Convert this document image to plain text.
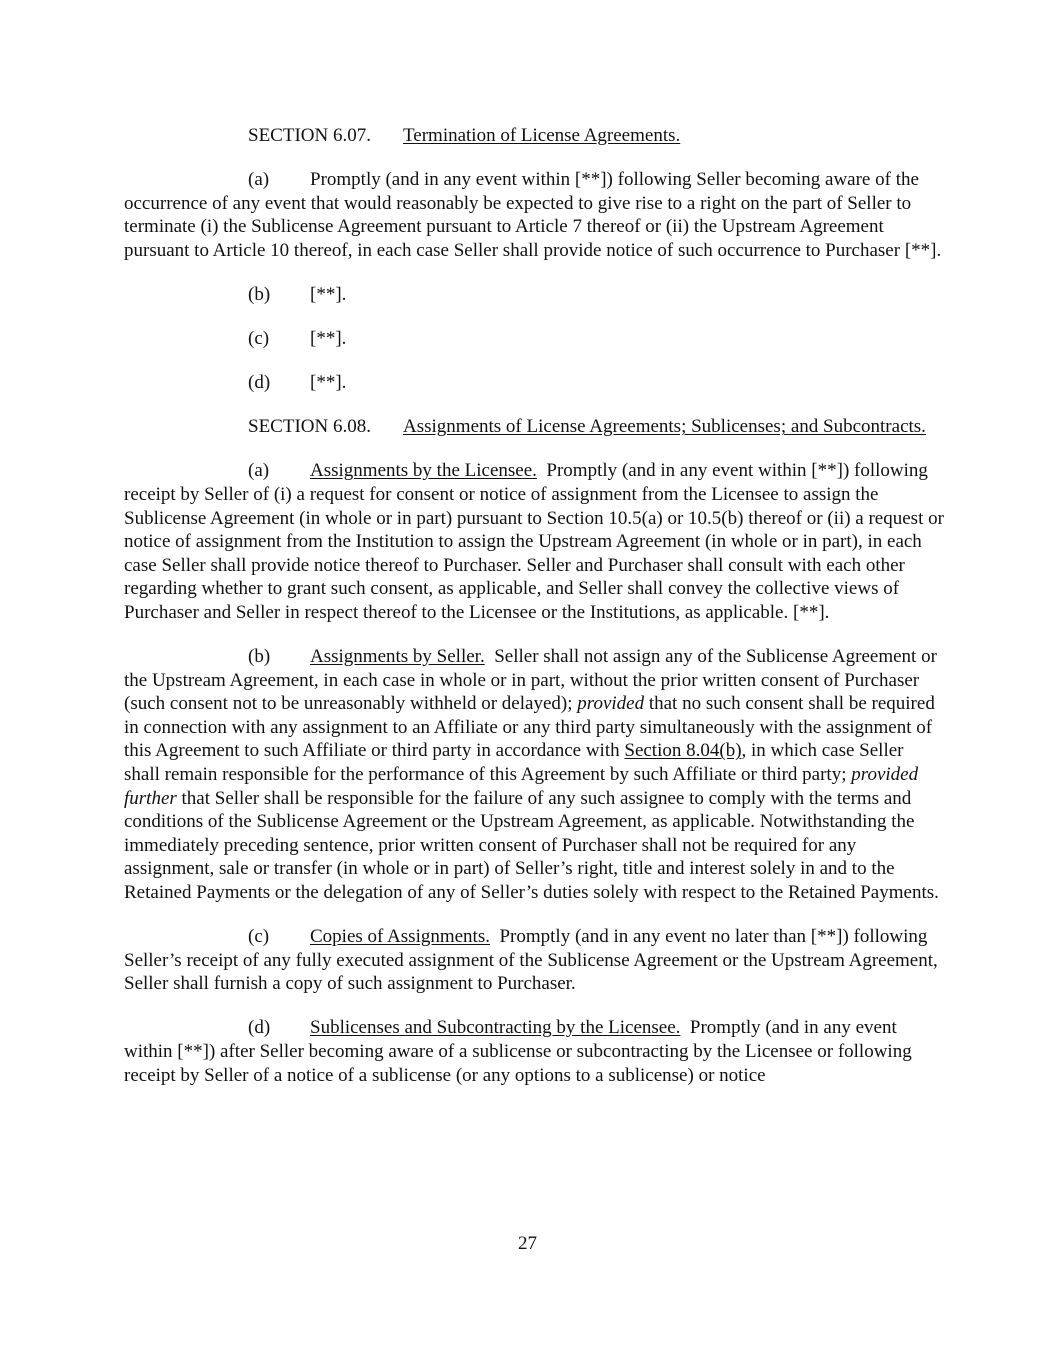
SECTION 6.07. Termination of License Agreements.

(a) Promptly (and in any event within [**]) following Seller becoming aware of the occurrence of any event that would reasonably be expected to give rise to a right on the part of Seller to terminate (i) the Sublicense Agreement pursuant to Article 7 thereof or (ii) the Upstream Agreement pursuant to Article 10 thereof, in each case Seller shall provide notice of such occurrence to Purchaser [**].

(b) [**].

(c) [**].

(d) [**].

SECTION 6.08. Assignments of License Agreements; Sublicenses; and Subcontracts.

(a) Assignments by the Licensee. Promptly (and in any event within [**]) following receipt by Seller of (i) a request for consent or notice of assignment from the Licensee to assign the Sublicense Agreement (in whole or in part) pursuant to Section 10.5(a) or 10.5(b) thereof or (ii) a request or notice of assignment from the Institution to assign the Upstream Agreement (in whole or in part), in each case Seller shall provide notice thereof to Purchaser. Seller and Purchaser shall consult with each other regarding whether to grant such consent, as applicable, and Seller shall convey the collective views of Purchaser and Seller in respect thereof to the Licensee or the Institutions, as applicable. [**].

(b) Assignments by Seller. Seller shall not assign any of the Sublicense Agreement or the Upstream Agreement, in each case in whole or in part, without the prior written consent of Purchaser (such consent not to be unreasonably withheld or delayed); provided that no such consent shall be required in connection with any assignment to an Affiliate or any third party simultaneously with the assignment of this Agreement to such Affiliate or third party in accordance with Section 8.04(b), in which case Seller shall remain responsible for the performance of this Agreement by such Affiliate or third party; provided further that Seller shall be responsible for the failure of any such assignee to comply with the terms and conditions of the Sublicense Agreement or the Upstream Agreement, as applicable. Notwithstanding the immediately preceding sentence, prior written consent of Purchaser shall not be required for any assignment, sale or transfer (in whole or in part) of Seller’s right, title and interest solely in and to the Retained Payments or the delegation of any of Seller’s duties solely with respect to the Retained Payments.

(c) Copies of Assignments. Promptly (and in any event no later than [**]) following Seller’s receipt of any fully executed assignment of the Sublicense Agreement or the Upstream Agreement, Seller shall furnish a copy of such assignment to Purchaser.

(d) Sublicenses and Subcontracting by the Licensee. Promptly (and in any event within [**]) after Seller becoming aware of a sublicense or subcontracting by the Licensee or following receipt by Seller of a notice of a sublicense (or any options to a sublicense) or notice

27
